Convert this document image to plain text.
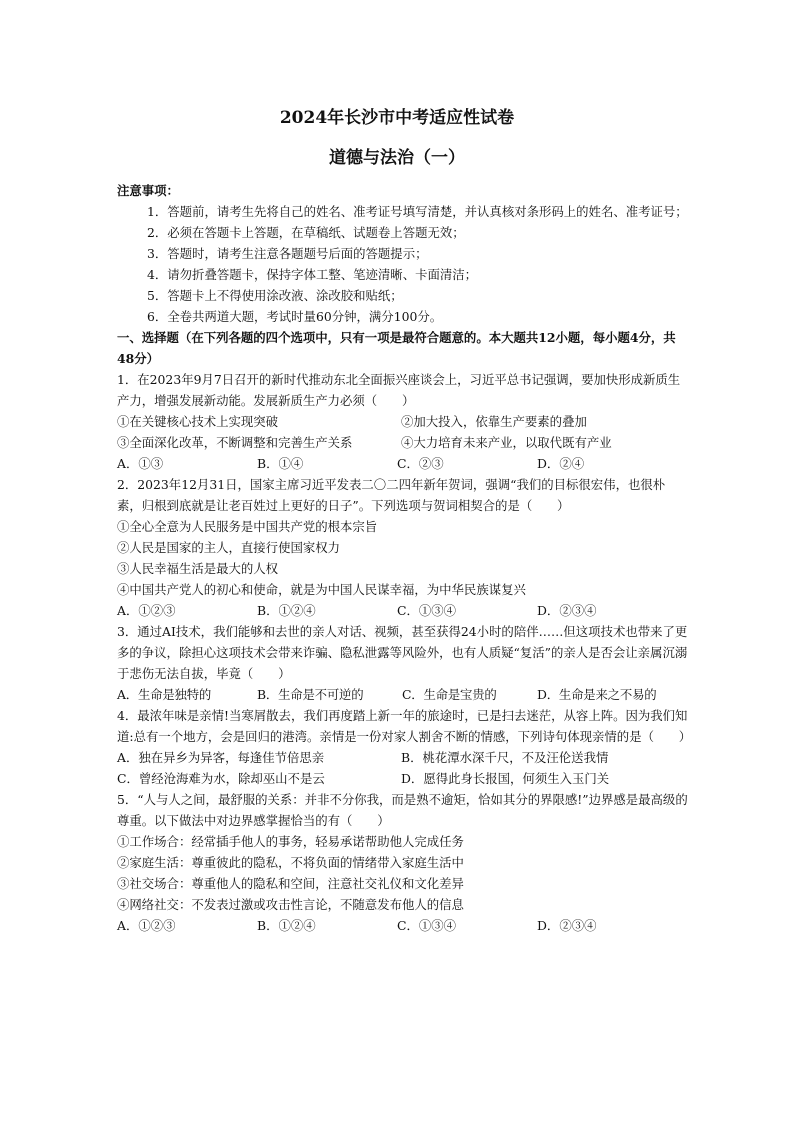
2024年长沙市中考适应性试卷
道德与法治（一）

注意事项：

1．答题前，请考生先将自己的姓名、准考证号填写清楚，并认真核对条形码上的姓名、准考证号；

2．必须在答题卡上答题，在草稿纸、试题卷上答题无效；

3．答题时，请考生注意各题题号后面的答题提示；

4．请勿折叠答题卡，保持字体工整、笔迹清晰、卡面清洁；

5．答题卡上不得使用涂改液、涂改胶和贴纸；

6．全卷共两道大题，考试时量60分钟，满分100分。

一、选择题（在下列各题的四个选项中，只有一项是最符合题意的。本大题共12小题，每小题4分，共48分）

1．在2023年9月7日召开的新时代推动东北全面振兴座谈会上，习近平总书记强调，要加快形成新质生产力，增强发展新动能。发展新质生产力必须（　　）

①在关键核心技术上实现突破	②加大投入，依靠生产要素的叠加
③全面深化改革，不断调整和完善生产关系	④大力培育未来产业，以取代既有产业
A．①③	B．①④	C．②③	D．②④

2．2023年12月31日，国家主席习近平发表二〇二四年新年贺词，强调“我们的目标很宏伟，也很朴素，归根到底就是让老百姓过上更好的日子”。下列选项与贺词相契合的是（　　）

①全心全意为人民服务是中国共产党的根本宗旨

②人民是国家的主人，直接行使国家权力

③人民幸福生活是最大的人权

④中国共产党人的初心和使命，就是为中国人民谋幸福，为中华民族谋复兴

A．①②③	B．①②④	C．①③④	D．②③④

3．通过AI技术，我们能够和去世的亲人对话、视频，甚至获得24小时的陪伴……但这项技术也带来了更多的争议，除担心这项技术会带来诈骗、隐私泄露等风险外，也有人质疑“复活”的亲人是否会让亲属沉溺于悲伤无法自拔，毕竟（　　）

A．生命是独特的	B．生命是不可逆的	C．生命是宝贵的	D．生命是来之不易的

4．最浓年味是亲情!当寒屑散去，我们再度踏上新一年的旅途时，已是扫去迷茫，从容上阵。因为我们知道:总有一个地方，会是回归的港湾。亲情是一份对家人割舍不断的情感，下列诗句体现亲情的是（　　）

A．独在异乡为异客，每逢佳节倍思亲	B．桃花潭水深千尺，不及汪伦送我情
C．曾经沧海难为水，除却巫山不是云	D．愿得此身长报国，何须生入玉门关

5．“人与人之间，最舒服的关系：并非不分你我，而是熟不逾矩，恰如其分的界限感!”边界感是最高级的尊重。以下做法中对边界感掌握恰当的有（　　）

①工作场合：经常插手他人的事务，轻易承诺帮助他人完成任务

②家庭生活：尊重彼此的隐私，不将负面的情绪带入家庭生活中

③社交场合：尊重他人的隐私和空间，注意社交礼仪和文化差异

④网络社交：不发表过激或攻击性言论，不随意发布他人的信息

A．①②③	B．①②④	C．①③④	D．②③④
